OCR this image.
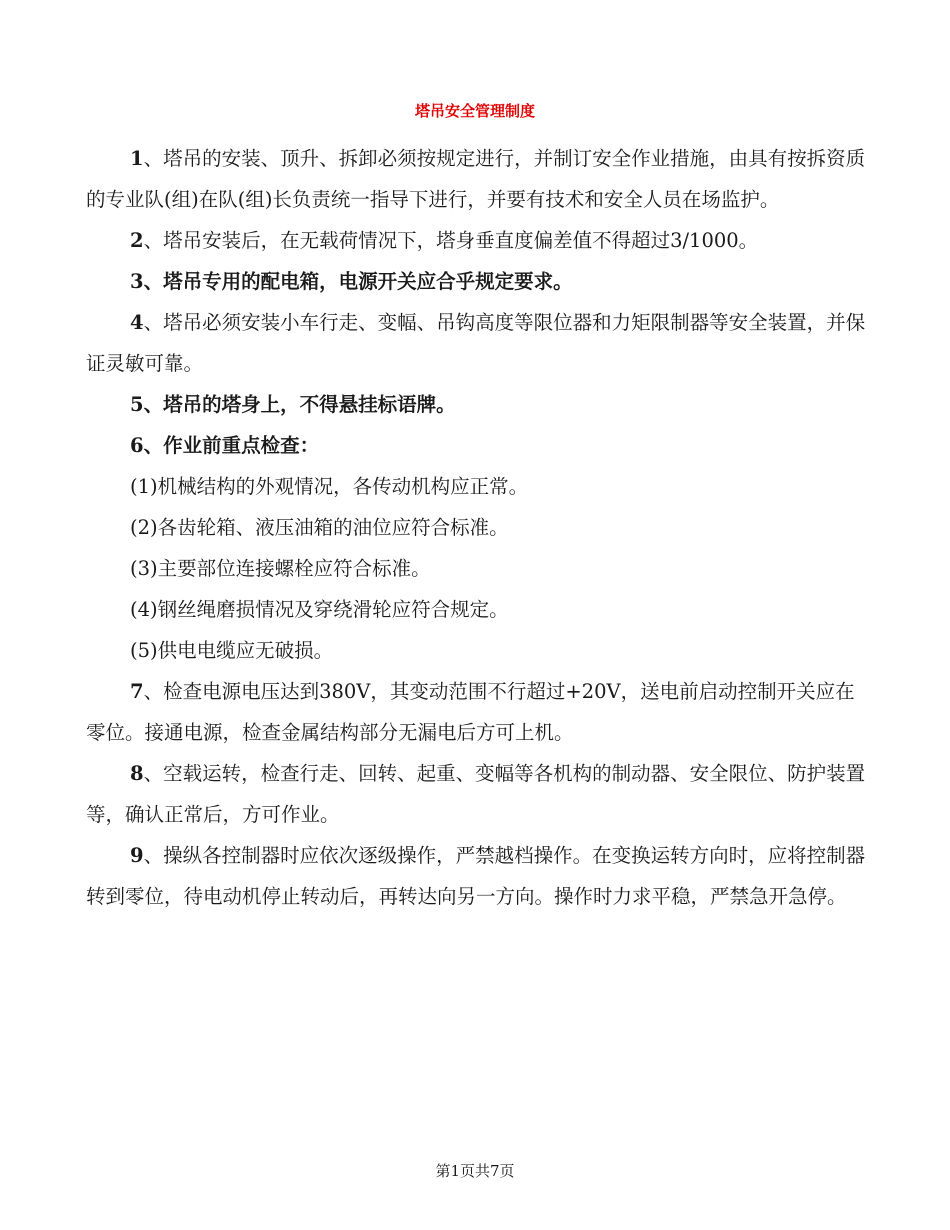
塔吊安全管理制度

1、塔吊的安装、顶升、拆卸必须按规定进行，并制订安全作业措施，由具有按拆资质的专业队(组)在队(组)长负责统一指导下进行，并要有技术和安全人员在场监护。

2、塔吊安装后，在无载荷情况下，塔身垂直度偏差值不得超过3/1000。

3、塔吊专用的配电箱，电源开关应合乎规定要求。

4、塔吊必须安装小车行走、变幅、吊钩高度等限位器和力矩限制器等安全装置，并保证灵敏可靠。

5、塔吊的塔身上，不得悬挂标语牌。

6、作业前重点检查：

(1)机械结构的外观情况，各传动机构应正常。

(2)各齿轮箱、液压油箱的油位应符合标准。

(3)主要部位连接螺栓应符合标准。

(4)钢丝绳磨损情况及穿绕滑轮应符合规定。

(5)供电电缆应无破损。

7、检查电源电压达到380V，其变动范围不行超过+20V，送电前启动控制开关应在零位。接通电源，检查金属结构部分无漏电后方可上机。

8、空载运转，检查行走、回转、起重、变幅等各机构的制动器、安全限位、防护装置等，确认正常后，方可作业。

9、操纵各控制器时应依次逐级操作，严禁越档操作。在变换运转方向时，应将控制器转到零位，待电动机停止转动后，再转达向另一方向。操作时力求平稳，严禁急开急停。

第1页共7页
